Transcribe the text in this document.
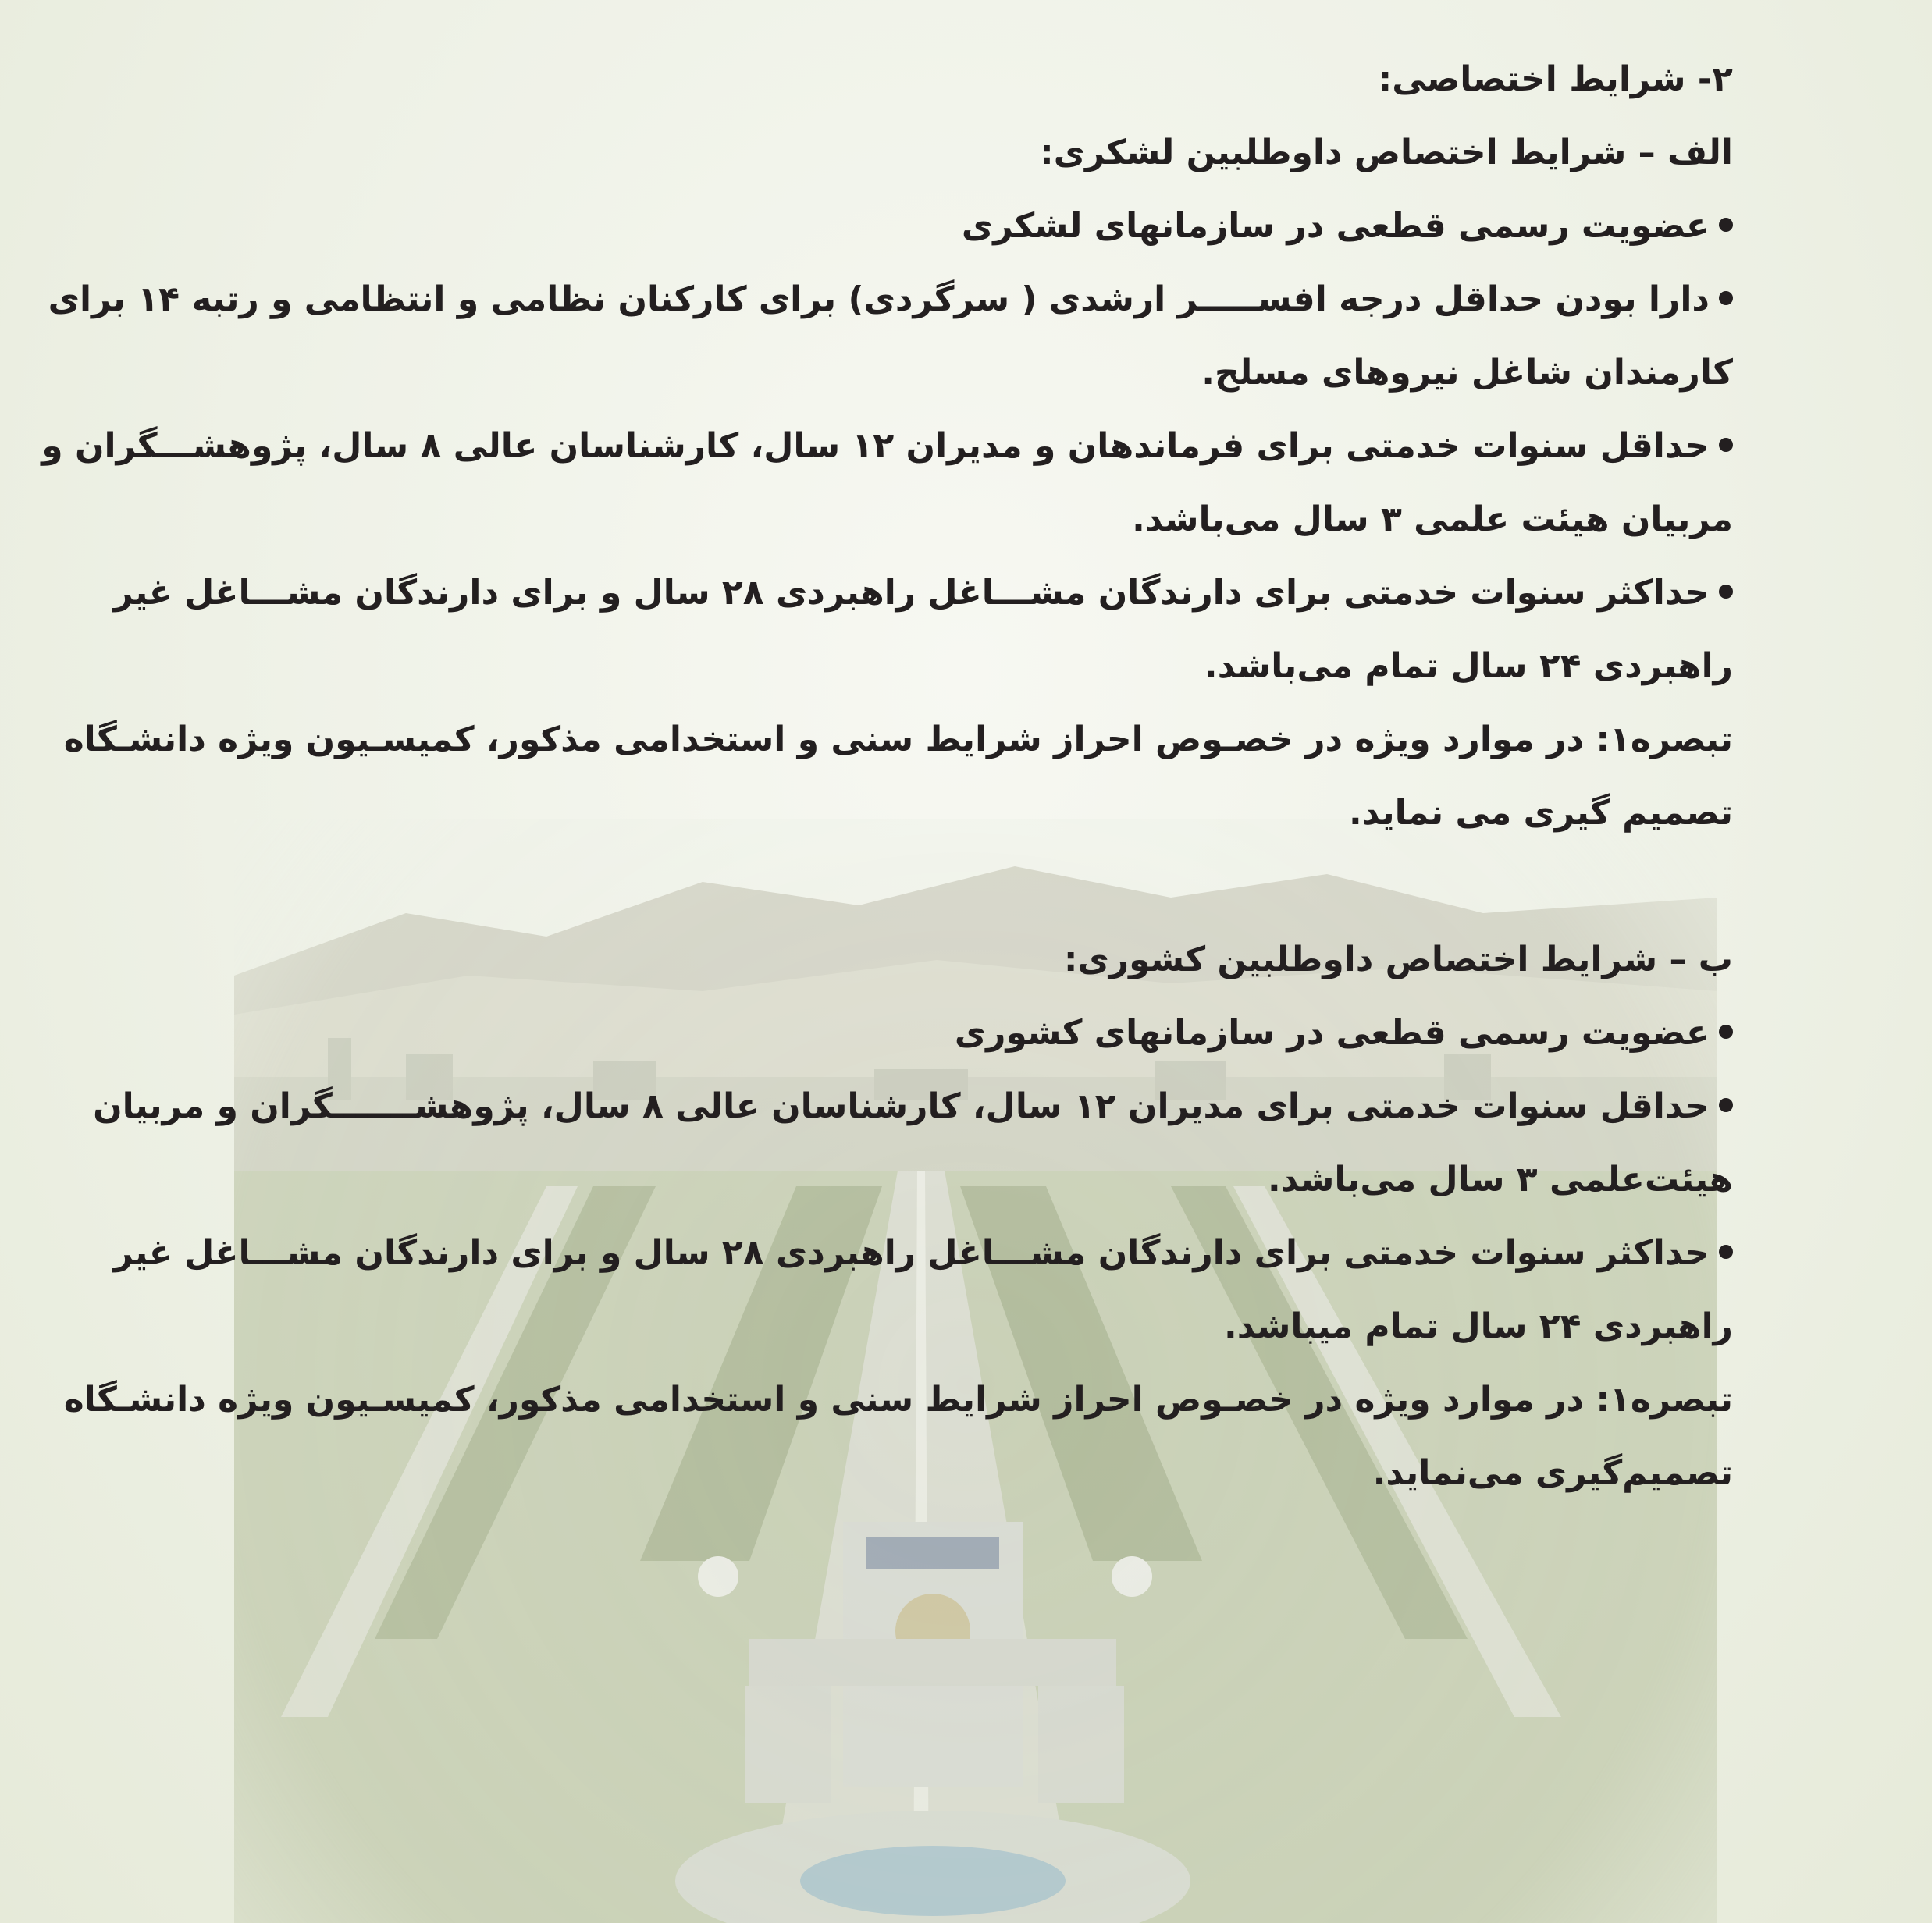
۲- شرایط اختصاصی:
الف – شرایط اختصاص داوطلبین لشکری:
عضویت رسمی قطعی در سازمانهای لشکری
دارا بودن حداقل درجه افســـــر ارشدی ( سرگردی) برای کارکنان نظامی و انتظامی و رتبه ۱۴ برای
کارمندان شاغل نیروهای مسلح.
حداقل سنوات خدمتی برای فرماندهان و مدیران ۱۲ سال، کارشناسان عالی ۸ سال، پژوهشـــگران و
مربیان هیئت علمی ۳ سال می‌باشد.
حداکثر سنوات خدمتی برای دارندگان مشـــاغل راهبردی ۲۸ سال و برای دارندگان مشـــاغل غیر
راهبردی ۲۴ سال تمام می‌باشد.
تبصره۱: در موارد ویژه در خصـوص احراز شرایط سنی و استخدامی مذکور، کمیسـیون ویژه دانشـگاه
تصمیم گیری می نماید.
ب – شرایط اختصاص داوطلبین کشوری:
عضویت رسمی قطعی در سازمانهای کشوری
حداقل سنوات خدمتی برای مدیران ۱۲ سال، کارشناسان عالی ۸ سال، پژوهشـــــــگران و مربیان
هیئت‌علمی ۳ سال می‌باشد.
حداکثر سنوات خدمتی برای دارندگان مشـــاغل راهبردی ۲۸ سال و برای دارندگان مشـــاغل غیر
راهبردی ۲۴ سال تمام میباشد.
تبصره۱: در موارد ویژه در خصـوص احراز شرایط سنی و استخدامی مذکور، کمیسـیون ویژه دانشـگاه
تصمیم‌گیری می‌نماید.
